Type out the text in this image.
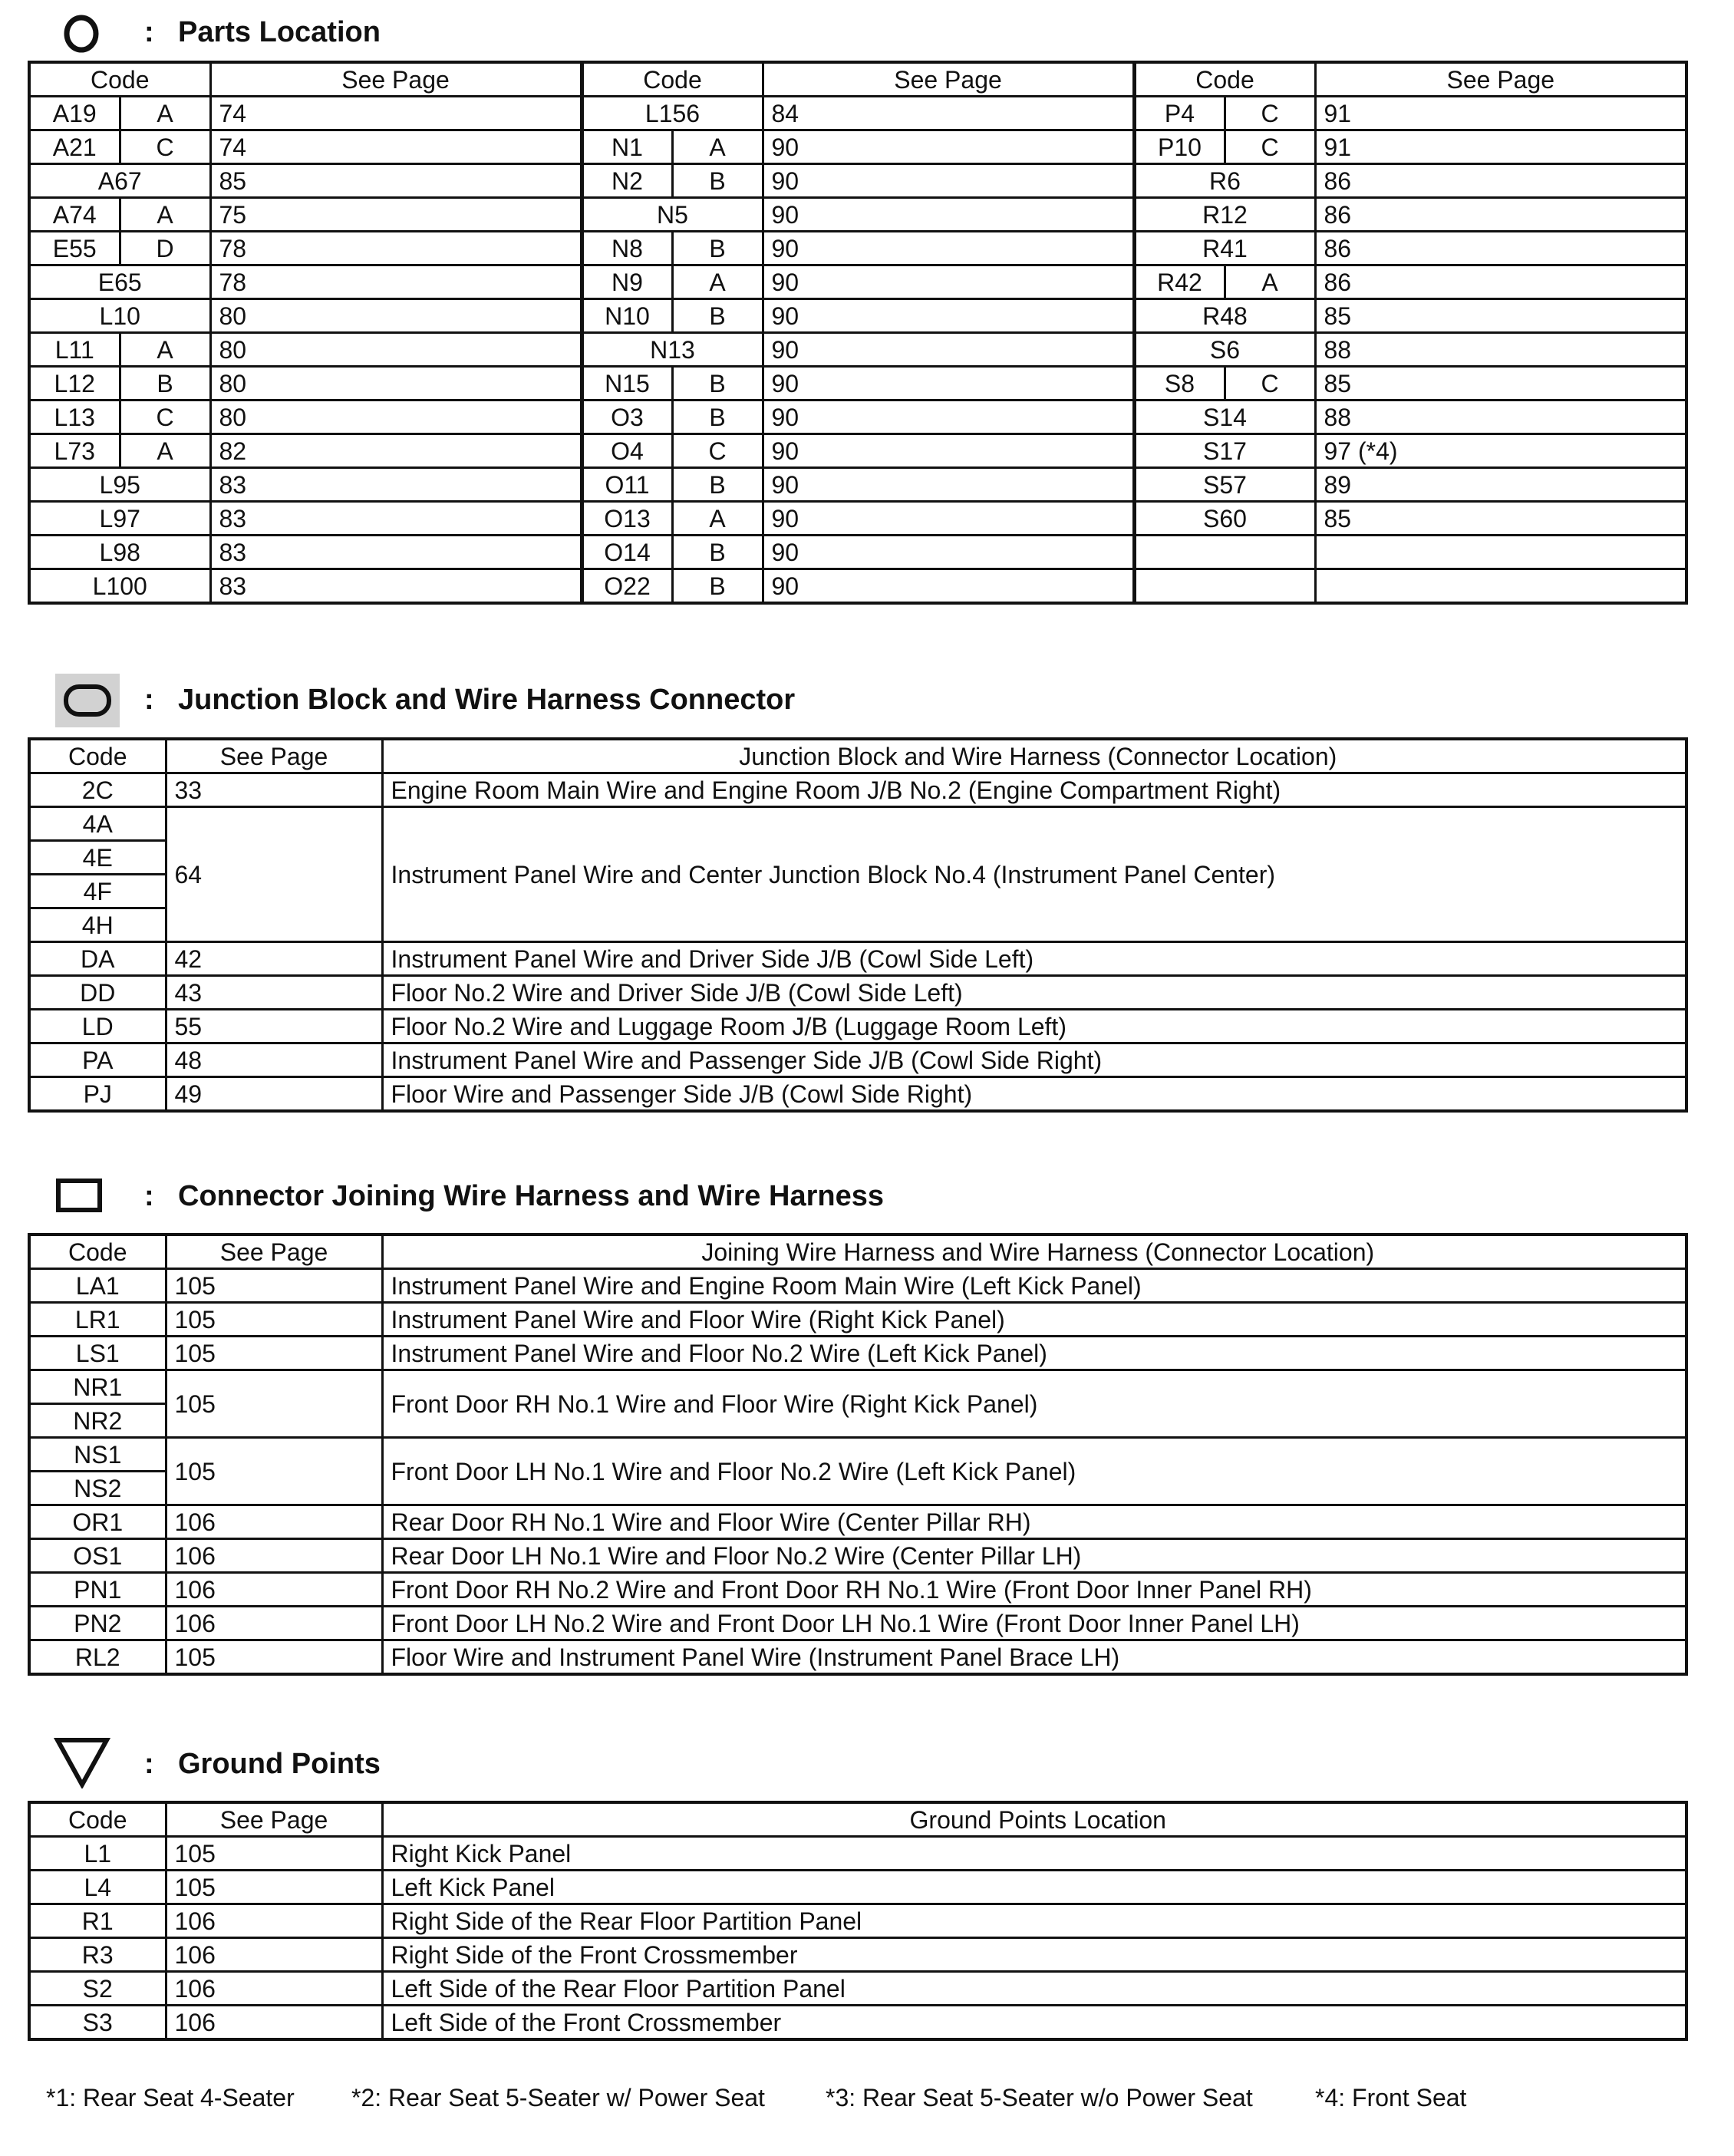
: Parts Location
Code		See Page	Code		See Page	Code		See Page
A19	A	74	L156		84	P4	C	91
A21	C	74	N1	A	90	P10	C	91
A67		85	N2	B	90	R6		86
A74	A	75	N5		90	R12		86
E55	D	78	N8	B	90	R41		86
E65		78	N9	A	90	R42	A	86
L10		80	N10	B	90	R48		85
L11	A	80	N13		90	S6		88
L12	B	80	N15	B	90	S8	C	85
L13	C	80	O3	B	90	S14		88
L73	A	82	O4	C	90	S17		97 (*4)
L95		83	O11	B	90	S57		89
L97		83	O13	A	90	S60		85
L98		83	O14	B	90			
L100		83	O22	B	90			
: Junction Block and Wire Harness Connector
Code	See Page	Junction Block and Wire Harness (Connector Location)
2C	33	Engine Room Main Wire and Engine Room J/B No.2 (Engine Compartment Right)
4A	64	Instrument Panel Wire and Center Junction Block No.4 (Instrument Panel Center)
4E		
4F		
4H		
DA	42	Instrument Panel Wire and Driver Side J/B (Cowl Side Left)
DD	43	Floor No.2 Wire and Driver Side J/B (Cowl Side Left)
LD	55	Floor No.2 Wire and Luggage Room J/B (Luggage Room Left)
PA	48	Instrument Panel Wire and Passenger Side J/B (Cowl Side Right)
PJ	49	Floor Wire and Passenger Side J/B (Cowl Side Right)
: Connector Joining Wire Harness and Wire Harness
Code	See Page	Joining Wire Harness and Wire Harness (Connector Location)
LA1	105	Instrument Panel Wire and Engine Room Main Wire (Left Kick Panel)
LR1	105	Instrument Panel Wire and Floor Wire (Right Kick Panel)
LS1	105	Instrument Panel Wire and Floor No.2 Wire (Left Kick Panel)
NR1	105	Front Door RH No.1 Wire and Floor Wire (Right Kick Panel)
NR2		
NS1	105	Front Door LH No.1 Wire and Floor No.2 Wire (Left Kick Panel)
NS2		
OR1	106	Rear Door RH No.1 Wire and Floor Wire (Center Pillar RH)
OS1	106	Rear Door LH No.1 Wire and Floor No.2 Wire (Center Pillar LH)
PN1	106	Front Door RH No.2 Wire and Front Door RH No.1 Wire (Front Door Inner Panel RH)
PN2	106	Front Door LH No.2 Wire and Front Door LH No.1 Wire (Front Door Inner Panel LH)
RL2	105	Floor Wire and Instrument Panel Wire (Instrument Panel Brace LH)
: Ground Points
Code	See Page	Ground Points Location
L1	105	Right Kick Panel
L4	105	Left Kick Panel
R1	106	Right Side of the Rear Floor Partition Panel
R3	106	Right Side of the Front Crossmember
S2	106	Left Side of the Rear Floor Partition Panel
S3	106	Left Side of the Front Crossmember
*1: Rear Seat 4-Seater *2: Rear Seat 5-Seater w/ Power Seat *3: Rear Seat 5-Seater w/o Power Seat	*4: Front Seat
